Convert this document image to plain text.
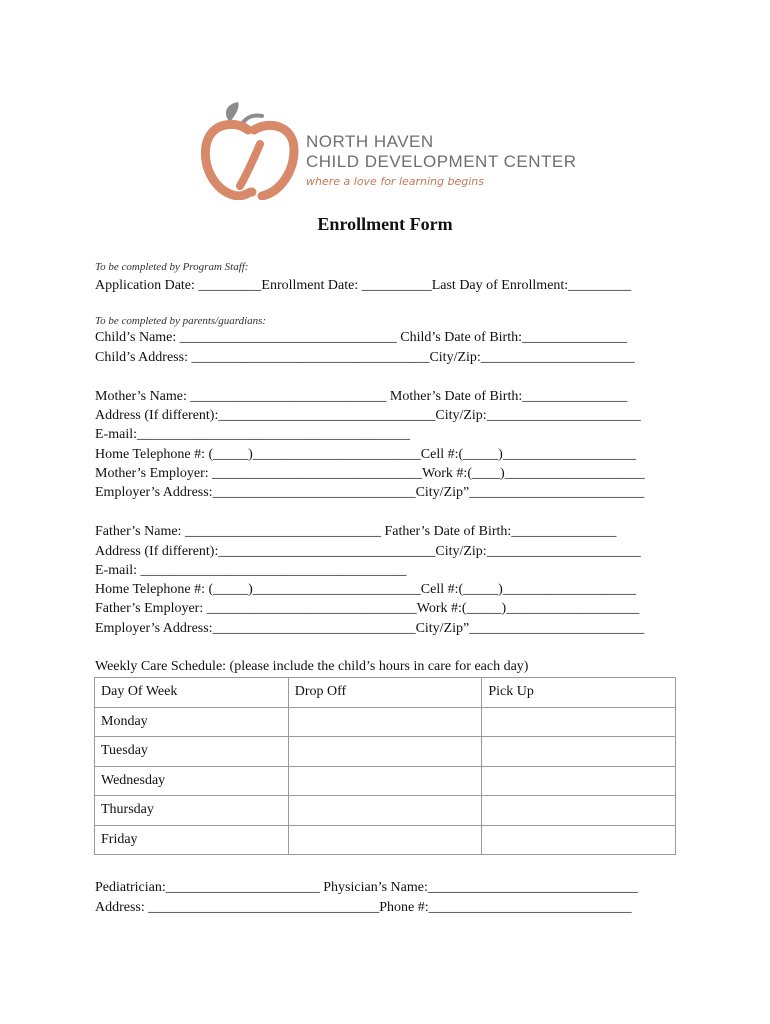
NORTH HAVEN
CHILD DEVELOPMENT CENTER
where a love for learning begins
Enrollment Form
To be completed by Program Staff:
Application Date: _________Enrollment Date: __________Last Day of Enrollment:_________
To be completed by parents/guardians:
Child’s Name: _______________________________ Child’s Date of Birth:_______________
Child’s Address: __________________________________City/Zip:______________________
Mother’s Name: ____________________________ Mother’s Date of Birth:_______________
Address (If different):_______________________________City/Zip:______________________
E-mail:_______________________________________
Home Telephone #: (_____)________________________Cell #:(_____)___________________
Mother’s Employer: ______________________________Work #:(____)____________________
Employer’s Address:_____________________________City/Zip”_________________________
Father’s Name: ____________________________ Father’s Date of Birth:_______________
Address (If different):_______________________________City/Zip:______________________
E-mail: ______________________________________
Home Telephone #: (_____)________________________Cell #:(_____)___________________
Father’s Employer: ______________________________Work #:(_____)___________________
Employer’s Address:_____________________________City/Zip”_________________________
Weekly Care Schedule: (please include the child’s hours in care for each day)
Day Of Week	Drop Off	Pick Up
Monday		
Tuesday		
Wednesday		
Thursday		
Friday		
Pediatrician:______________________ Physician’s Name:______________________________
Address: _________________________________Phone #:_____________________________
